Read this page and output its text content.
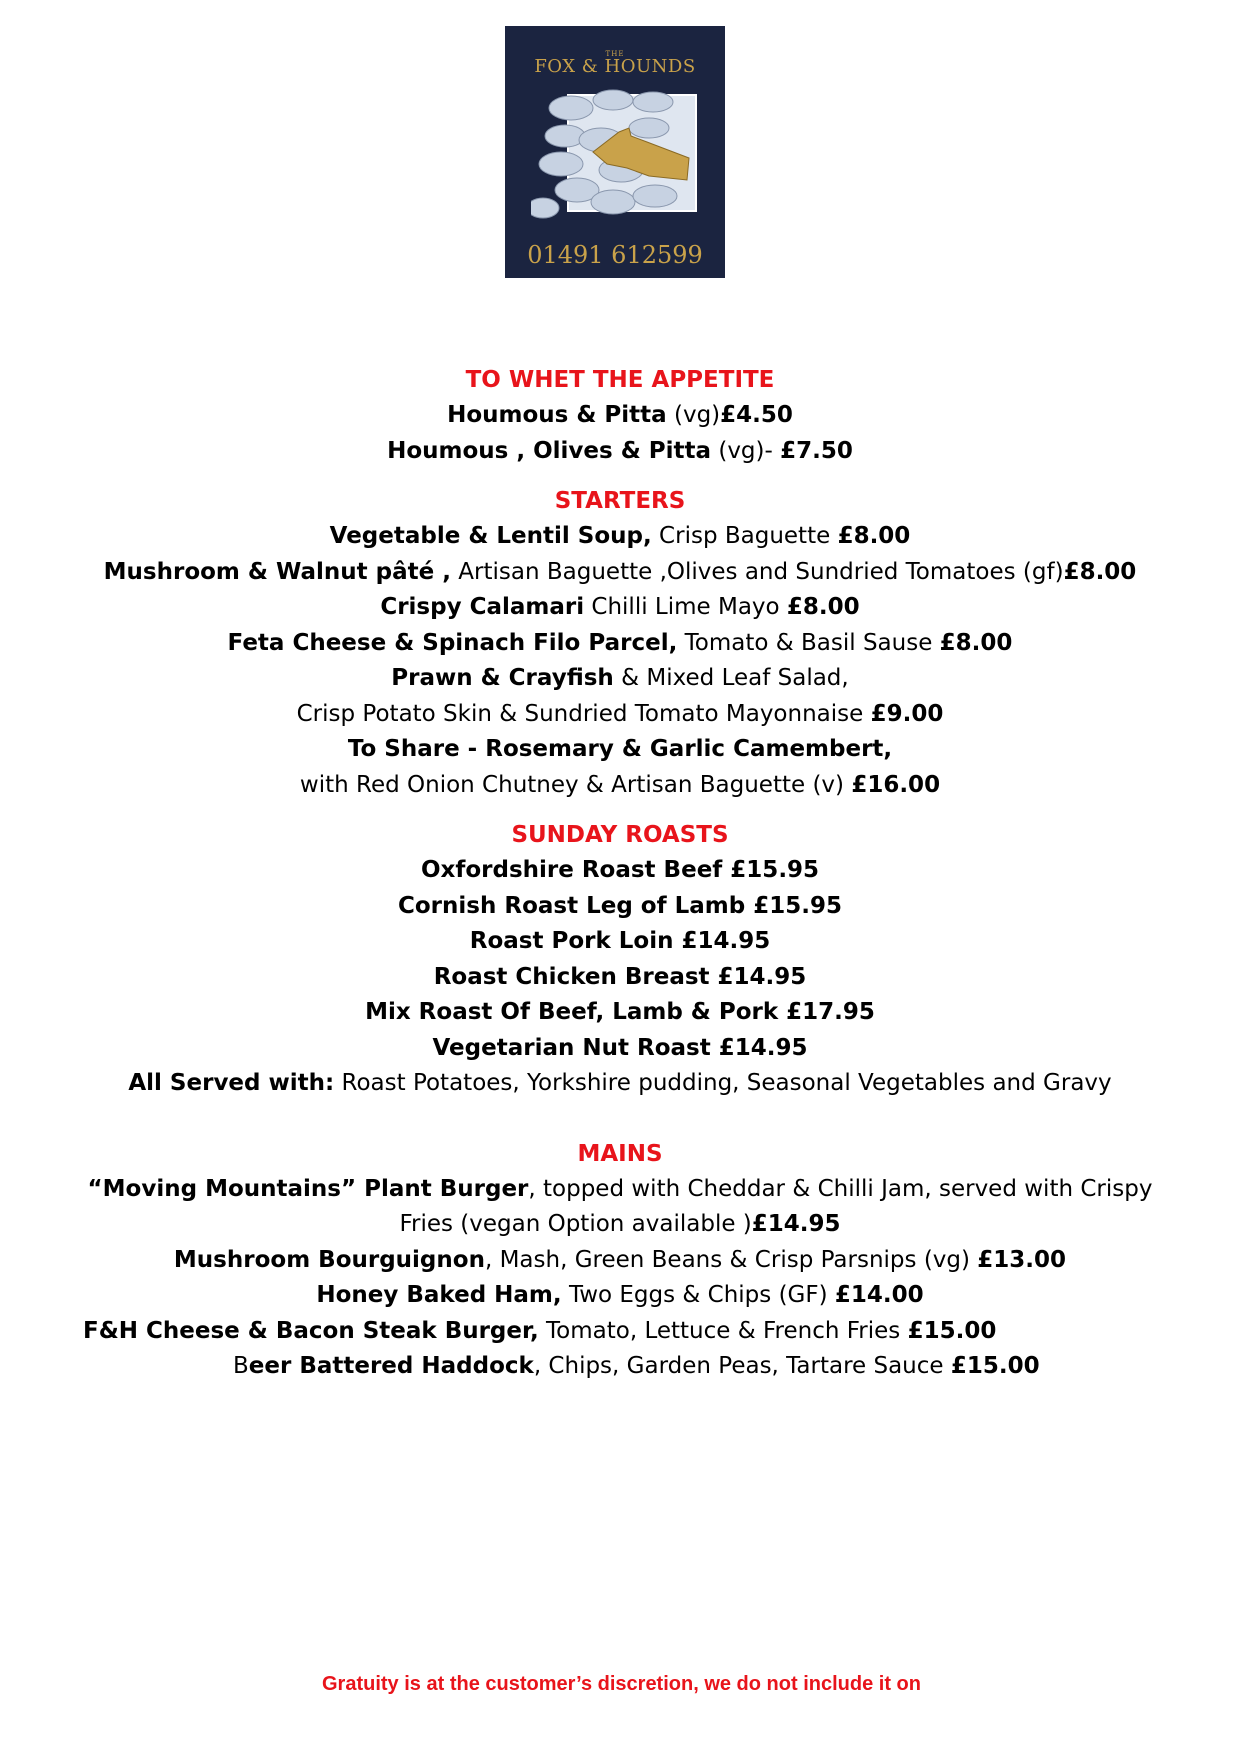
THE
FOX & HOUNDS
01491 612599
TO WHET THE APPETITE
Houmous & Pitta (vg)£4.50
Houmous , Olives & Pitta (vg)- £7.50
STARTERS
Vegetable & Lentil Soup, Crisp Baguette £8.00
Mushroom & Walnut pâté , Artisan Baguette ,Olives and Sundried Tomatoes (gf)£8.00
Crispy Calamari Chilli Lime Mayo £8.00
Feta Cheese & Spinach Filo Parcel, Tomato & Basil Sause £8.00
Prawn & Crayfish & Mixed Leaf Salad,
Crisp Potato Skin & Sundried Tomato Mayonnaise £9.00
To Share - Rosemary & Garlic Camembert,
with Red Onion Chutney & Artisan Baguette (v) £16.00
SUNDAY ROASTS
Oxfordshire Roast Beef £15.95
Cornish Roast Leg of Lamb £15.95
Roast Pork Loin £14.95
Roast Chicken Breast £14.95
Mix Roast Of Beef, Lamb & Pork £17.95
Vegetarian Nut Roast £14.95
All Served with: Roast Potatoes, Yorkshire pudding, Seasonal Vegetables and Gravy
MAINS
“Moving Mountains” Plant Burger, topped with Cheddar & Chilli Jam, served with Crispy
Fries (vegan Option available )£14.95
Mushroom Bourguignon, Mash, Green Beans & Crisp Parsnips (vg) £13.00
Honey Baked Ham, Two Eggs & Chips (GF) £14.00
F&H Cheese & Bacon Steak Burger, Tomato, Lettuce & French Fries £15.00
Beer Battered Haddock, Chips, Garden Peas, Tartare Sauce £15.00
Gratuity is at the customer’s discretion, we do not include it on
